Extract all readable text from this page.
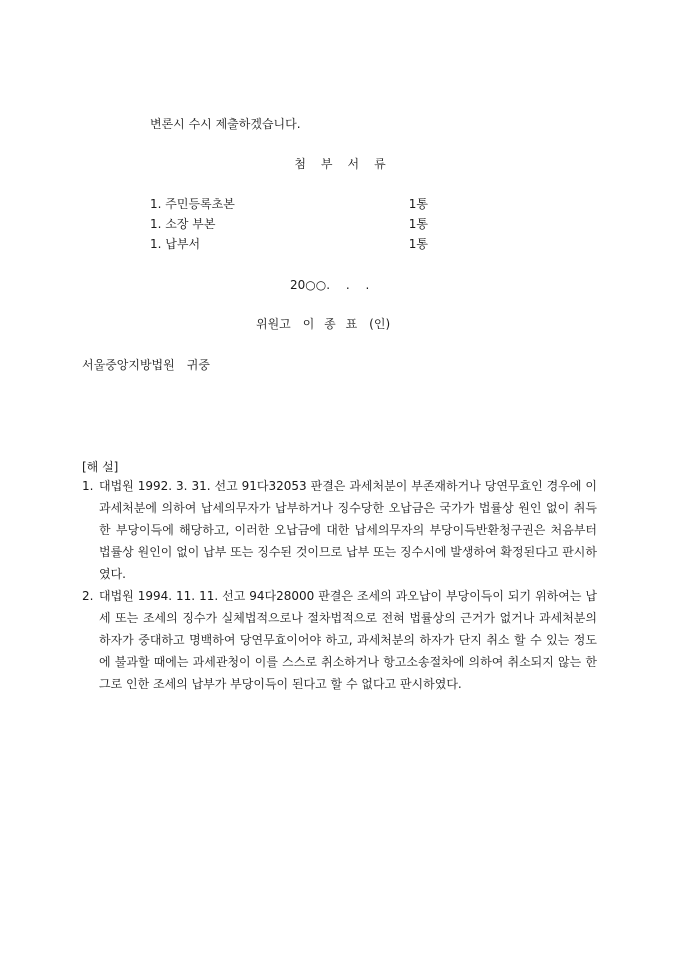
변론시 수시 제출하겠습니다.
첨부서류
1. 주민등록초본	1통
1. 소장 부본	1통
1. 납부서	1통
20○○.　 .　 .
위원고　이 종 표　(인)
서울중앙지방법원　귀중
[해 설]
1. 대법원 1992. 3. 31. 선고 91다32053 판결은 과세처분이 부존재하거나 당연무효인 경우에 이 과세처분에 의하여 납세의무자가 납부하거나 징수당한 오납금은 국가가 법률상 원인 없이 취득한 부당이득에 해당하고, 이러한 오납금에 대한 납세의무자의 부당이득반환청구권은 처음부터 법률상 원인이 없이 납부 또는 징수된 것이므로 납부 또는 징수시에 발생하여 확정된다고 판시하였다.
2. 대법원 1994. 11. 11. 선고 94다28000 판결은 조세의 과오납이 부당이득이 되기 위하여는 납세 또는 조세의 징수가 실체법적으로나 절차법적으로 전혀 법률상의 근거가 없거나 과세처분의 하자가 중대하고 명백하여 당연무효이어야 하고, 과세처분의 하자가 단지 취소 할 수 있는 정도에 불과할 때에는 과세관청이 이를 스스로 취소하거나 항고소송절차에 의하여 취소되지 않는 한 그로 인한 조세의 납부가 부당이득이 된다고 할 수 없다고 판시하였다.
